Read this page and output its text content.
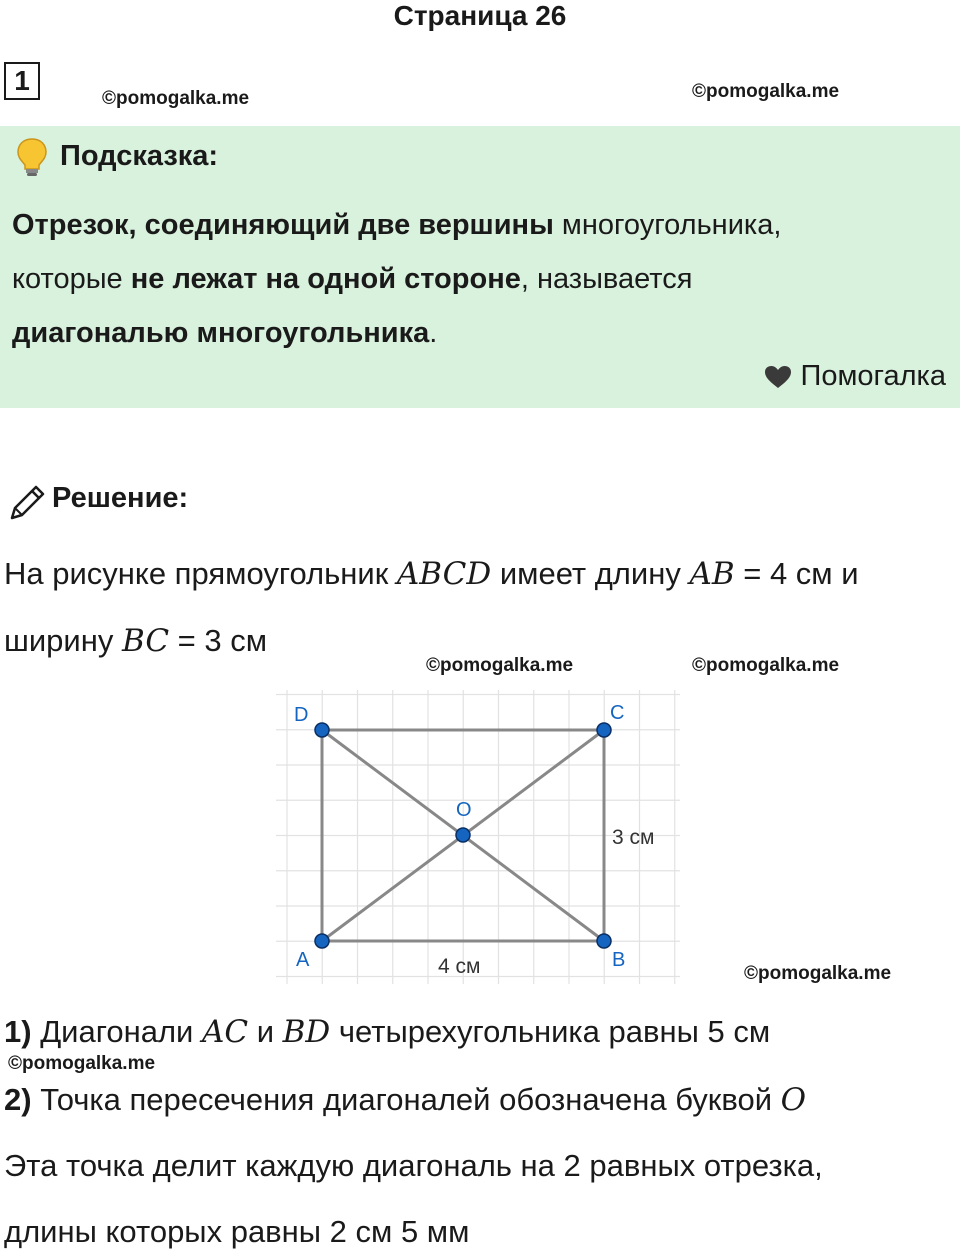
Страница 26
1
©pomogalka.me	©pomogalka.me
Подсказка:
Отрезок, соединяющий две вершины многоугольника,
которые не лежат на одной стороне, называется
диагональю многоугольника.
Помогалка
Решение:
На рисунке прямоугольник ABCD имеет длину AB = 4 см и
ширину BC = 3 см
©pomogalka.me	©pomogalka.me
A	B
C
D
O
3 см
4 см	©pomogalka.me
1) Диагонали AC и BD четырехугольника равны 5 см
©pomogalka.me
2) Точка пересечения диагоналей обозначена буквой O
Эта точка делит каждую диагональ на 2 равных отрезка,
длины которых равны 2 см 5 мм
